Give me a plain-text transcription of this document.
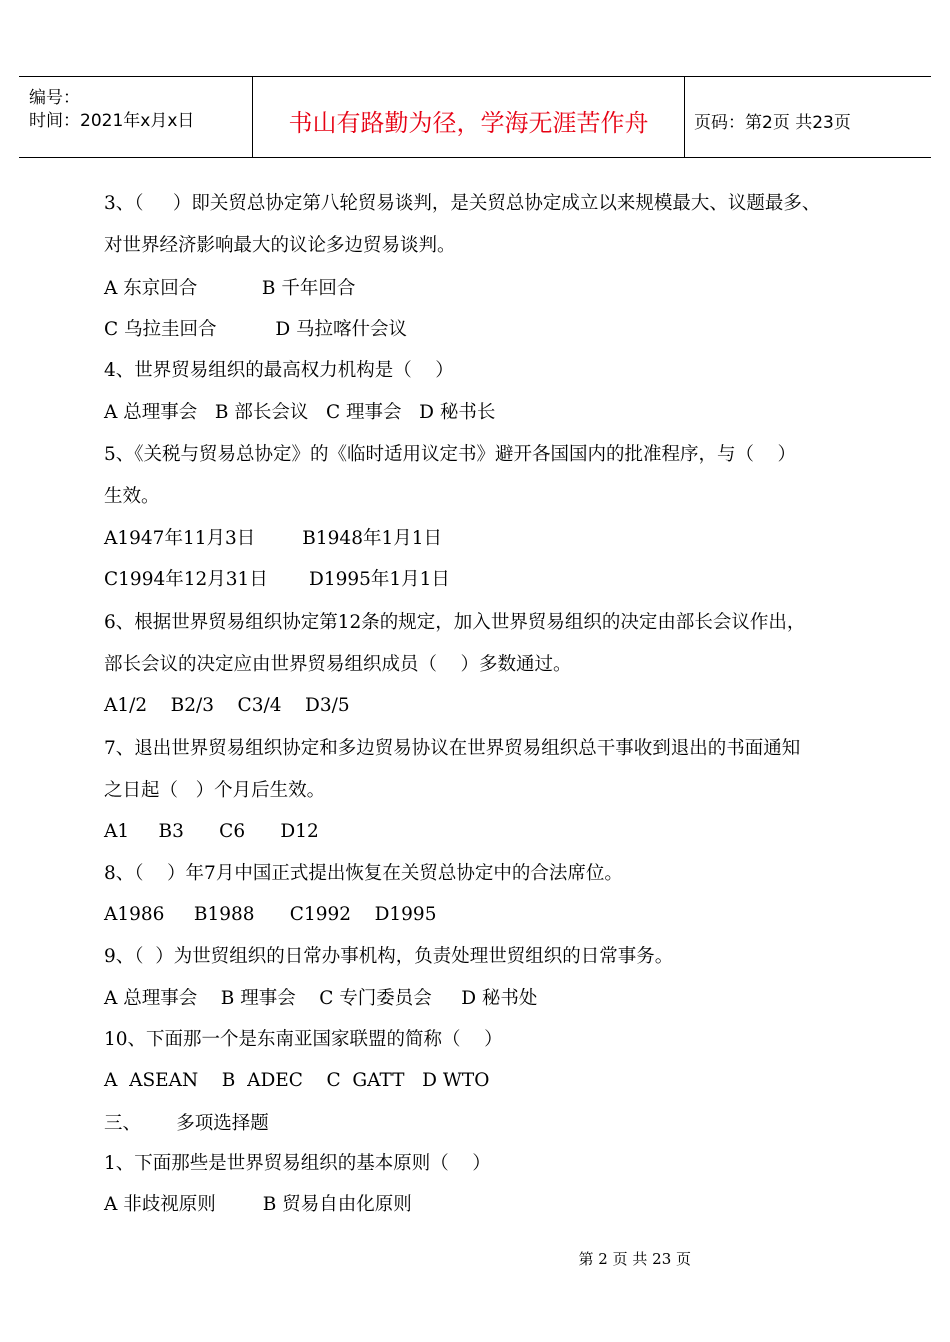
编号：
时间：2021年x月x日	书山有路勤为径，学海无涯苦作舟	页码：第2页 共23页
3、（     ）即关贸总协定第八轮贸易谈判，是关贸总协定成立以来规模最大、议题最多、
对世界经济影响最大的议论多边贸易谈判。
A 东京回合           B 千年回合
C 乌拉圭回合          D 马拉喀什会议
4、世界贸易组织的最高权力机构是（    ）
A 总理事会   B 部长会议   C 理事会   D 秘书长
5、《关税与贸易总协定》的《临时适用议定书》避开各国国内的批准程序，与（    ）
生效。
A1947年11月3日        B1948年1月1日
C1994年12月31日       D1995年1月1日
6、根据世界贸易组织协定第12条的规定，加入世界贸易组织的决定由部长会议作出，
部长会议的决定应由世界贸易组织成员（    ）多数通过。
A1/2    B2/3    C3/4    D3/5
7、退出世界贸易组织协定和多边贸易协议在世界贸易组织总干事收到退出的书面通知
之日起（   ）个月后生效。
A1     B3      C6      D12
8、（    ）年7月中国正式提出恢复在关贸总协定中的合法席位。
A1986     B1988      C1992    D1995
9、（  ）为世贸组织的日常办事机构，负责处理世贸组织的日常事务。
A 总理事会    B 理事会    C 专门委员会     D 秘书处
10、下面那一个是东南亚国家联盟的简称（    ）
A  ASEAN    B  ADEC    C  GATT   D WTO
三、      多项选择题
1、下面那些是世界贸易组织的基本原则（    ）
A 非歧视原则        B 贸易自由化原则

第 2 页 共 23 页
